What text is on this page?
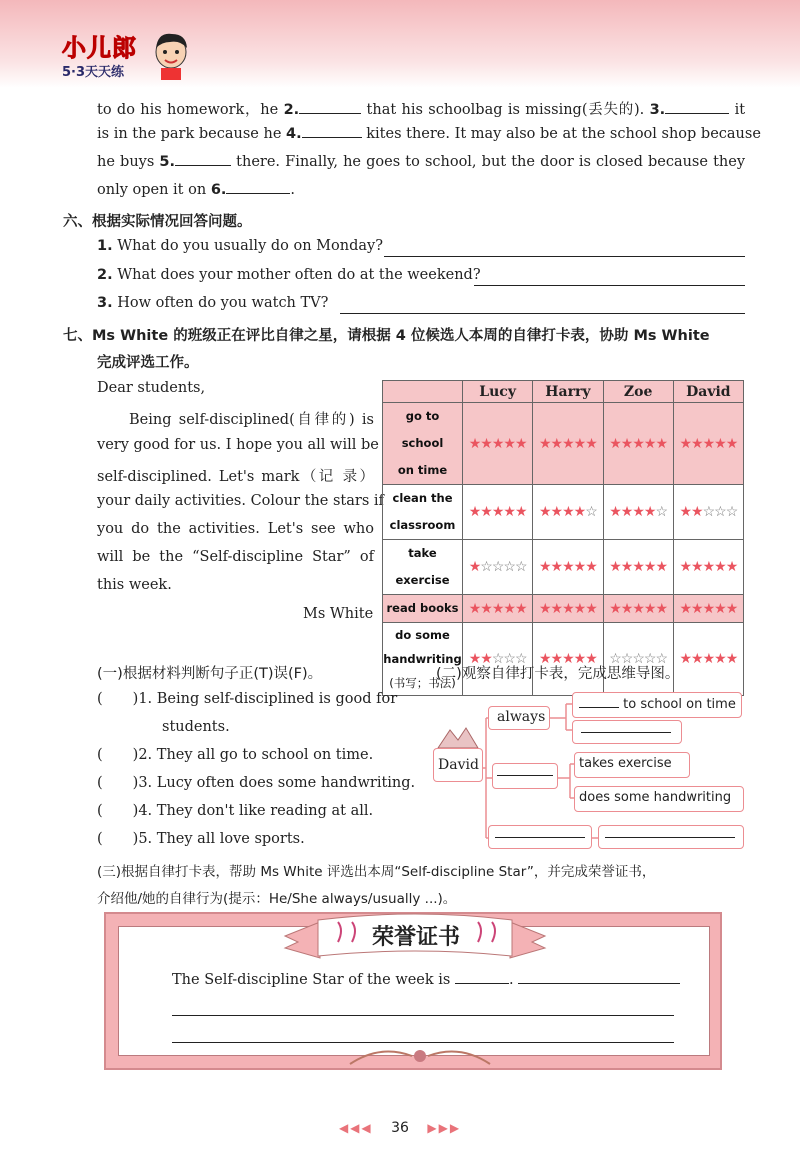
小儿郎
5·3天天练
to do his homework，he 2.	that his schoolbag is missing(丢失的). 3.	it
is in the park because he 4.	kites there. It may also be at the school shop because
he buys 5.	there. Finally, he goes to school, but the door is closed because they
only open it on 6.	.
六、根据实际情况回答问题。
1. What do you usually do on Monday?
2. What does your mother often do at the weekend?
3. How often do you watch TV?
七、Ms White 的班级正在评比自律之星，请根据 4 位候选人本周的自律打卡表，协助 Ms White
完成评选工作。
Dear students,
Being self-disciplined(自律的) is
very good for us. I hope you all will be
self-disciplined. Let's mark（记 录）
your daily activities. Colour the stars if
you do the activities. Let's see who
will be the “Self-discipline Star” of
this week.
Ms White
	Lucy	Harry	Zoe	David

go to school
on time	★★★★★	★★★★★	★★★★★	★★★★★

clean the
classroom	★★★★★	★★★★☆	★★★★☆	★★☆☆☆

take
exercise	★☆☆☆☆	★★★★★	★★★★★	★★★★★

read books	★★★★★	★★★★★	★★★★★	★★★★★

do some
handwriting
(书写；书法)	★★☆☆☆	★★★★★	☆☆☆☆☆	★★★★★
(一)根据材料判断句子正(T)误(F)。
( )1. Being self-disciplined is good for
students.
( )2. They all go to school on time.
( )3. Lucy often does some handwriting.
( )4. They don't like reading at all.
( )5. They all love sports.
(二)观察自律打卡表，完成思维导图。
David
always
to school on time
takes exercise
does some handwriting
(三)根据自律打卡表，帮助 Ms White 评选出本周“Self-discipline Star”，并完成荣誉证书，
介绍他/她的自律行为(提示：He/She always/usually ...)。
荣誉证书
The Self-discipline Star of the week is	.
◀◀◀ 36 ▶▶▶
